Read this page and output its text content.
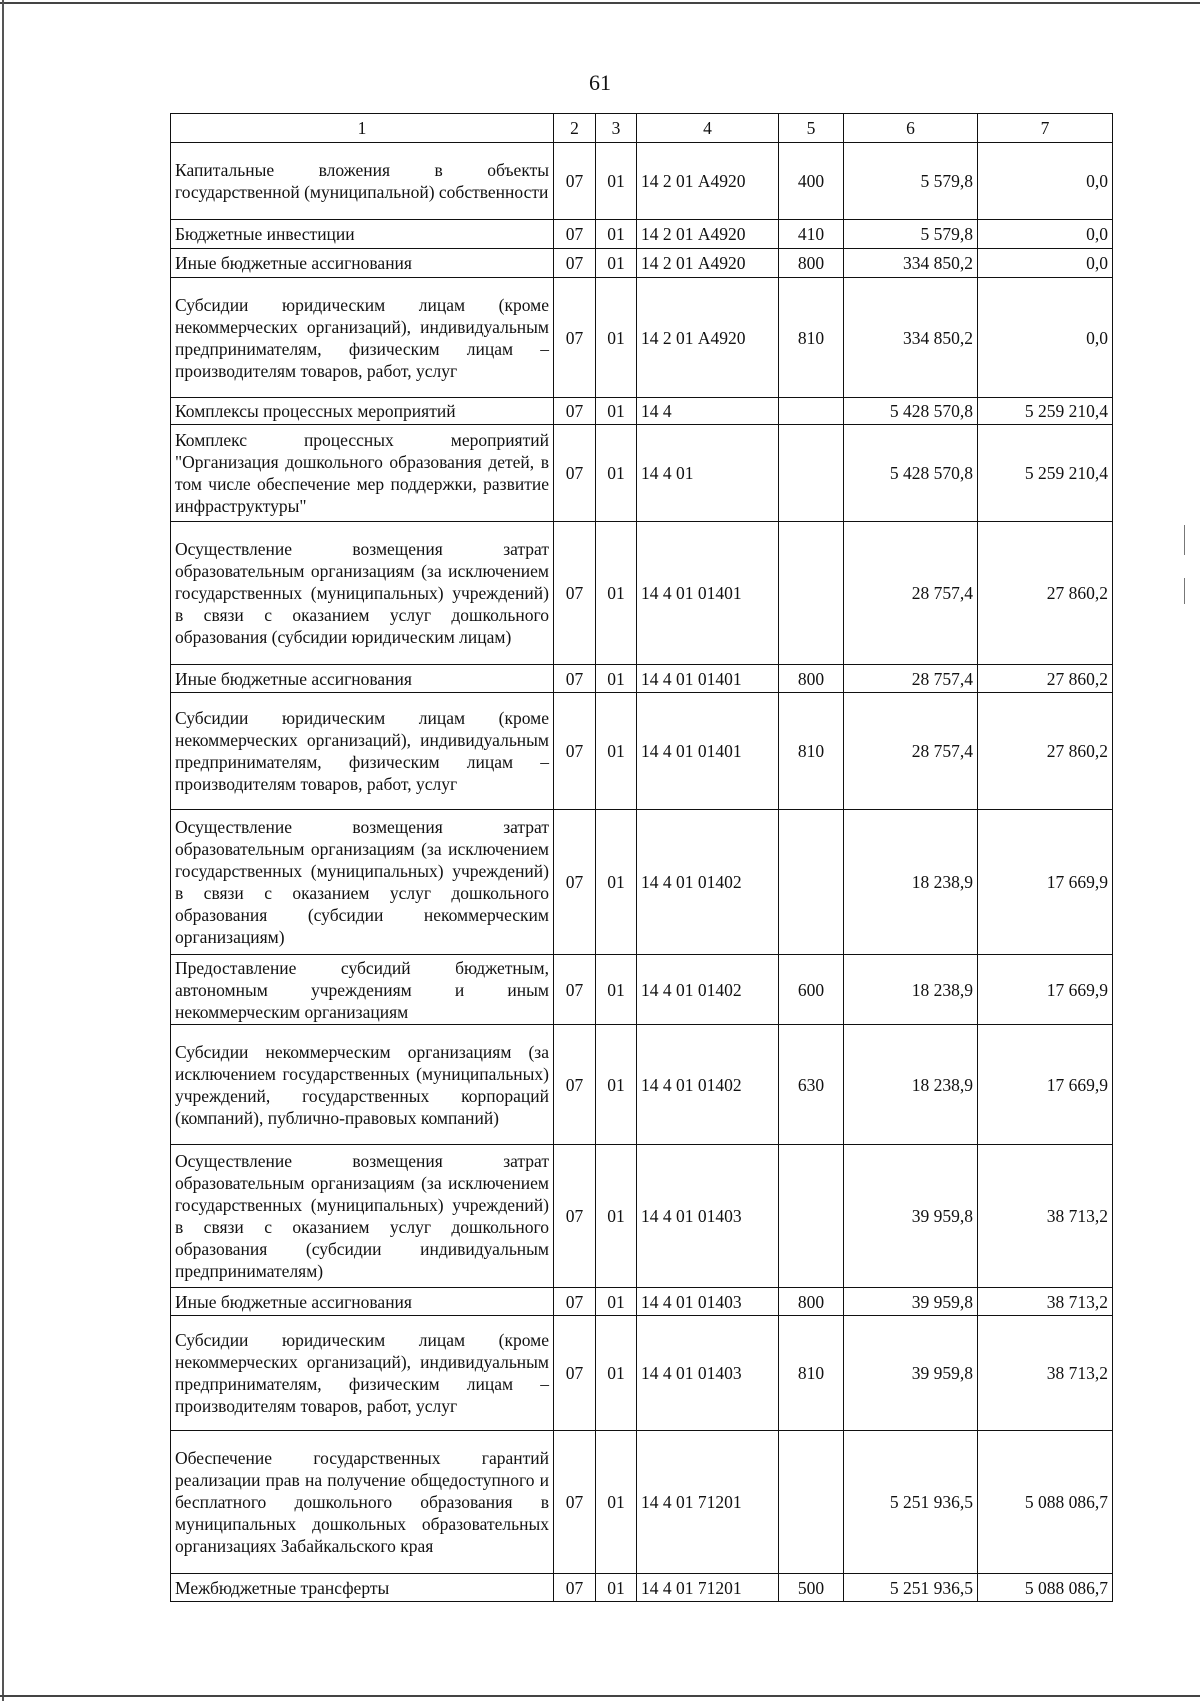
61
1	2	3	4	5	6	7
Капитальные вложения в объекты государственной (муниципальной) собственности	07	01	14 2 01 А4920	400	5 579,8	0,0
Бюджетные инвестиции	07	01	14 2 01 А4920	410	5 579,8	0,0
Иные бюджетные ассигнования	07	01	14 2 01 А4920	800	334 850,2	0,0
Субсидии юридическим лицам (кроме некоммерческих организаций), индивидуальным предпринимателям, физическим лицам – производителям товаров, работ, услуг	07	01	14 2 01 А4920	810	334 850,2	0,0
Комплексы процессных мероприятий	07	01	14 4		5 428 570,8	5 259 210,4
Комплекс процессных мероприятий "Организация дошкольного образования детей, в том числе обеспечение мер поддержки, развитие инфраструктуры"	07	01	14 4 01		5 428 570,8	5 259 210,4
Осуществление возмещения затрат образовательным организациям (за исключением государственных (муниципальных) учреждений) в связи с оказанием услуг дошкольного образования (субсидии юридическим лицам)	07	01	14 4 01 01401		28 757,4	27 860,2
Иные бюджетные ассигнования	07	01	14 4 01 01401	800	28 757,4	27 860,2
Субсидии юридическим лицам (кроме некоммерческих организаций), индивидуальным предпринимателям, физическим лицам – производителям товаров, работ, услуг	07	01	14 4 01 01401	810	28 757,4	27 860,2
Осуществление возмещения затрат образовательным организациям (за исключением государственных (муниципальных) учреждений) в связи с оказанием услуг дошкольного образования (субсидии некоммерческим организациям)	07	01	14 4 01 01402		18 238,9	17 669,9
Предоставление субсидий бюджетным, автономным учреждениям и иным некоммерческим организациям	07	01	14 4 01 01402	600	18 238,9	17 669,9
Субсидии некоммерческим организациям (за исключением государственных (муниципальных) учреждений, государственных корпораций (компаний), публично-правовых компаний)	07	01	14 4 01 01402	630	18 238,9	17 669,9
Осуществление возмещения затрат образовательным организациям (за исключением государственных (муниципальных) учреждений) в связи с оказанием услуг дошкольного образования (субсидии индивидуальным предпринимателям)	07	01	14 4 01 01403		39 959,8	38 713,2
Иные бюджетные ассигнования	07	01	14 4 01 01403	800	39 959,8	38 713,2
Субсидии юридическим лицам (кроме некоммерческих организаций), индивидуальным предпринимателям, физическим лицам – производителям товаров, работ, услуг	07	01	14 4 01 01403	810	39 959,8	38 713,2
Обеспечение государственных гарантий реализации прав на получение общедоступного и бесплатного дошкольного образования в муниципальных дошкольных образовательных организациях Забайкальского края	07	01	14 4 01 71201		5 251 936,5	5 088 086,7
Межбюджетные трансферты	07	01	14 4 01 71201	500	5 251 936,5	5 088 086,7
